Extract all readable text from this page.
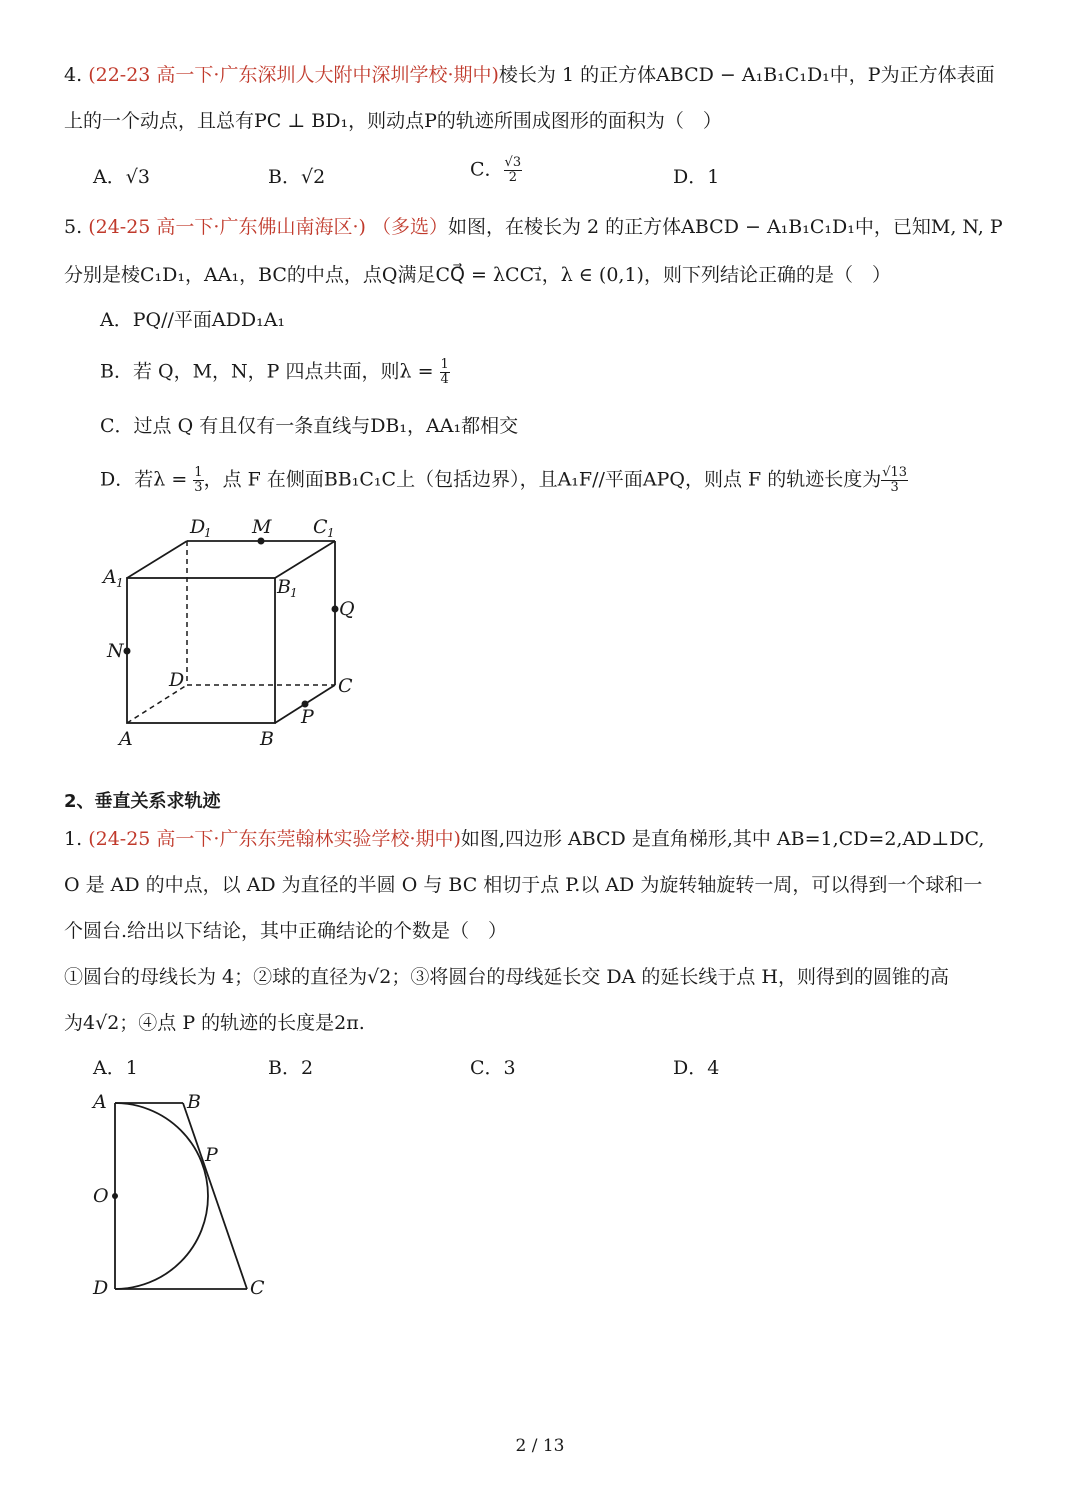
4. (22-23 高一下·广东深圳人大附中深圳学校·期中)棱长为 1 的正方体ABCD − A₁B₁C₁D₁中，P为正方体表面
上的一个动点，且总有PC ⊥ BD₁，则动点P的轨迹所围成图形的面积为（　）
A．√3	B．√2	C． $\frac{√3}{2}$	D．1
5. (24-25 高一下·广东佛山南海区·) （多选）如图，在棱长为 2 的正方体ABCD − A₁B₁C₁D₁中，已知M, N, P
分别是棱C₁D₁，AA₁，BC的中点，点Q满足CQ⃗ = λCC₁⃗，λ ∈ (0,1)，则下列结论正确的是（　）
A．PQ//平面ADD₁A₁
B．若 Q，M，N，P 四点共面，则$\lambda = \frac{1}{4}$
C．过点 Q 有且仅有一条直线与DB₁，AA₁都相交
D．若$\lambda = \frac{1}{3}$ ，点 F 在侧面BB₁C₁C上（包括边界），且A₁F//平面APQ，则点 F 的轨迹长度为 $\frac{√13}{3}$
D
1 M C 1
A 1	B 1
Q
N
D	C
P
A	B
2、垂直关系求轨迹
1. (24-25 高一下·广东东莞翰林实验学校·期中)如图,四边形 ABCD 是直角梯形,其中 AB=1,CD=2,AD⊥DC,
O 是 AD 的中点，以 AD 为直径的半圆 O 与 BC 相切于点 P.以 AD 为旋转轴旋转一周，可以得到一个球和一
个圆台.给出以下结论，其中正确结论的个数是（　）
①圆台的母线长为 4；②球的直径为√2；③将圆台的母线延长交 DA 的延长线于点 H，则得到的圆锥的高
为4√2；④点 P 的轨迹的长度是2π.
A．1	B．2	C．3	D．4
A	B
P
O
D	C
2 / 13
